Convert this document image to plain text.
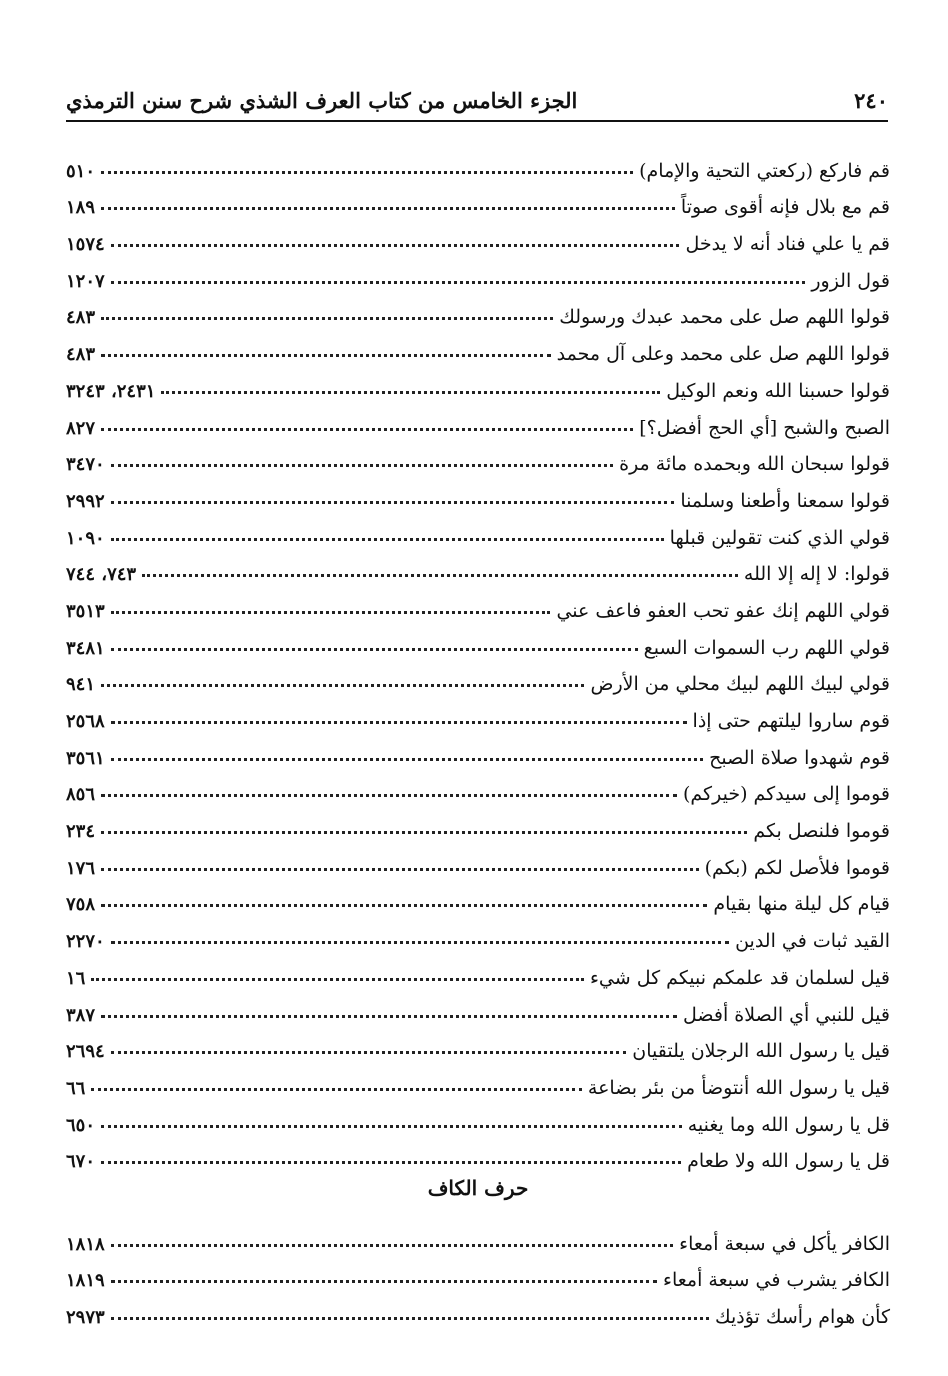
٢٤٠
الجزء الخامس من كتاب العرف الشذي شرح سنن الترمذي
قم فاركع (ركعتي التحية والإمام)
٥١٠
قم مع بلال فإنه أقوى صوتاً
١٨٩
قم يا علي فناد أنه لا يدخل
١٥٧٤
قول الزور
١٢٠٧
قولوا اللهم صل على محمد عبدك ورسولك
٤٨٣
قولوا اللهم صل على محمد وعلى آل محمد
٤٨٣
قولوا حسبنا الله ونعم الوكيل
٢٤٣١، ٣٢٤٣
الصبح والشبح [أي الحج أفضل؟]
٨٢٧
قولوا سبحان الله وبحمده مائة مرة
٣٤٧٠
قولوا سمعنا وأطعنا وسلمنا
٢٩٩٢
قولي الذي كنت تقولين قبلها
١٠٩٠
قولوا: لا إله إلا الله
٧٤٣، ٧٤٤
قولي اللهم إنك عفو تحب العفو فاعف عني
٣٥١٣
قولي اللهم رب السموات السبع
٣٤٨١
قولي لبيك اللهم لبيك محلي من الأرض
٩٤١
قوم ساروا ليلتهم حتى إذا
٢٥٦٨
قوم شهدوا صلاة الصبح
٣٥٦١
قوموا إلى سيدكم (خيركم)
٨٥٦
قوموا فلنصل بكم
٢٣٤
قوموا فلأصل لكم (بكم)
١٧٦
قيام كل ليلة منها بقيام
٧٥٨
القيد ثبات في الدين
٢٢٧٠
قيل لسلمان قد علمكم نبيكم كل شيء
١٦
قيل للنبي أي الصلاة أفضل
٣٨٧
قيل يا رسول الله الرجلان يلتقيان
٢٦٩٤
قيل يا رسول الله أنتوضأ من بئر بضاعة
٦٦
قل يا رسول الله وما يغنيه
٦٥٠
قل يا رسول الله ولا طعام
٦٧٠
حرف الكاف
الكافر يأكل في سبعة أمعاء
١٨١٨
الكافر يشرب في سبعة أمعاء
١٨١٩
كأن هوام رأسك تؤذيك
٢٩٧٣
